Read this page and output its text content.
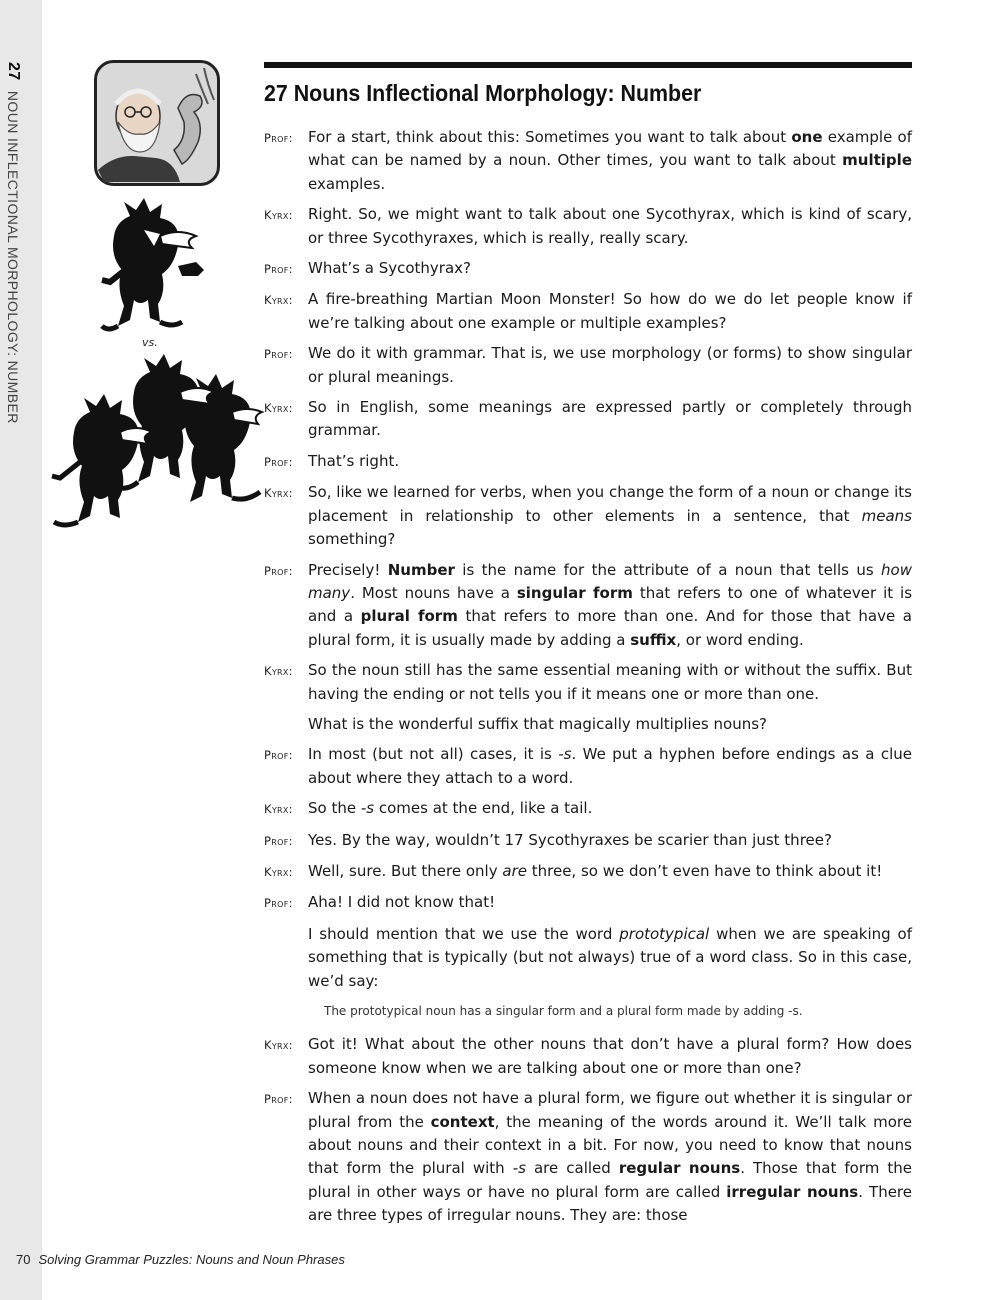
27 NOUN INFLECTIONAL MORPHOLOGY: NUMBER	vs.
27 Nouns Inflectional Morphology: Number
Prof:	For a start, think about this: Sometimes you want to talk about one example of what can be named by a noun. Other times, you want to talk about multiple examples.
Kyrx:	Right. So, we might want to talk about one Sycothyrax, which is kind of scary, or three Sycothyraxes, which is really, really scary.
Prof:	What’s a Sycothyrax?
Kyrx:	A fire-breathing Martian Moon Monster! So how do we do let people know if we’re talking about one example or multiple examples?
Prof:	We do it with grammar. That is, we use morphology (or forms) to show singular or plural meanings.
Kyrx:	So in English, some meanings are expressed partly or completely through grammar.
Prof:	That’s right.
Kyrx:	So, like we learned for verbs, when you change the form of a noun or change its placement in relationship to other elements in a sentence, that means something?
Prof:	Precisely! Number is the name for the attribute of a noun that tells us how many. Most nouns have a singular form that refers to one of whatever it is and a plural form that refers to more than one. And for those that have a plural form, it is usually made by adding a suffix, or word ending.
Kyrx:	So the noun still has the same essential meaning with or without the suffix. But having the ending or not tells you if it means one or more than one.
What is the wonderful suffix that magically multiplies nouns?
Prof:	In most (but not all) cases, it is -s. We put a hyphen before endings as a clue about where they attach to a word.
Kyrx:	So the -s comes at the end, like a tail.
Prof:	Yes. By the way, wouldn’t 17 Sycothyraxes be scarier than just three?
Kyrx:	Well, sure. But there only are three, so we don’t even have to think about it!
Prof:	Aha! I did not know that!
I should mention that we use the word prototypical when we are speaking of something that is typically (but not always) true of a word class. So in this case, we’d say:
The prototypical noun has a singular form and a plural form made by adding -s.
Kyrx:	Got it! What about the other nouns that don’t have a plural form? How does someone know when we are talking about one or more than one?
Prof:	When a noun does not have a plural form, we figure out whether it is singular or plural from the context, the meaning of the words around it. We’ll talk more about nouns and their context in a bit. For now, you need to know that nouns that form the plural with -s are called regular nouns. Those that form the plural in other ways or have no plural form are called irregular nouns. There are three types of irregular nouns. They are: those
70 Solving Grammar Puzzles: Nouns and Noun Phrases
